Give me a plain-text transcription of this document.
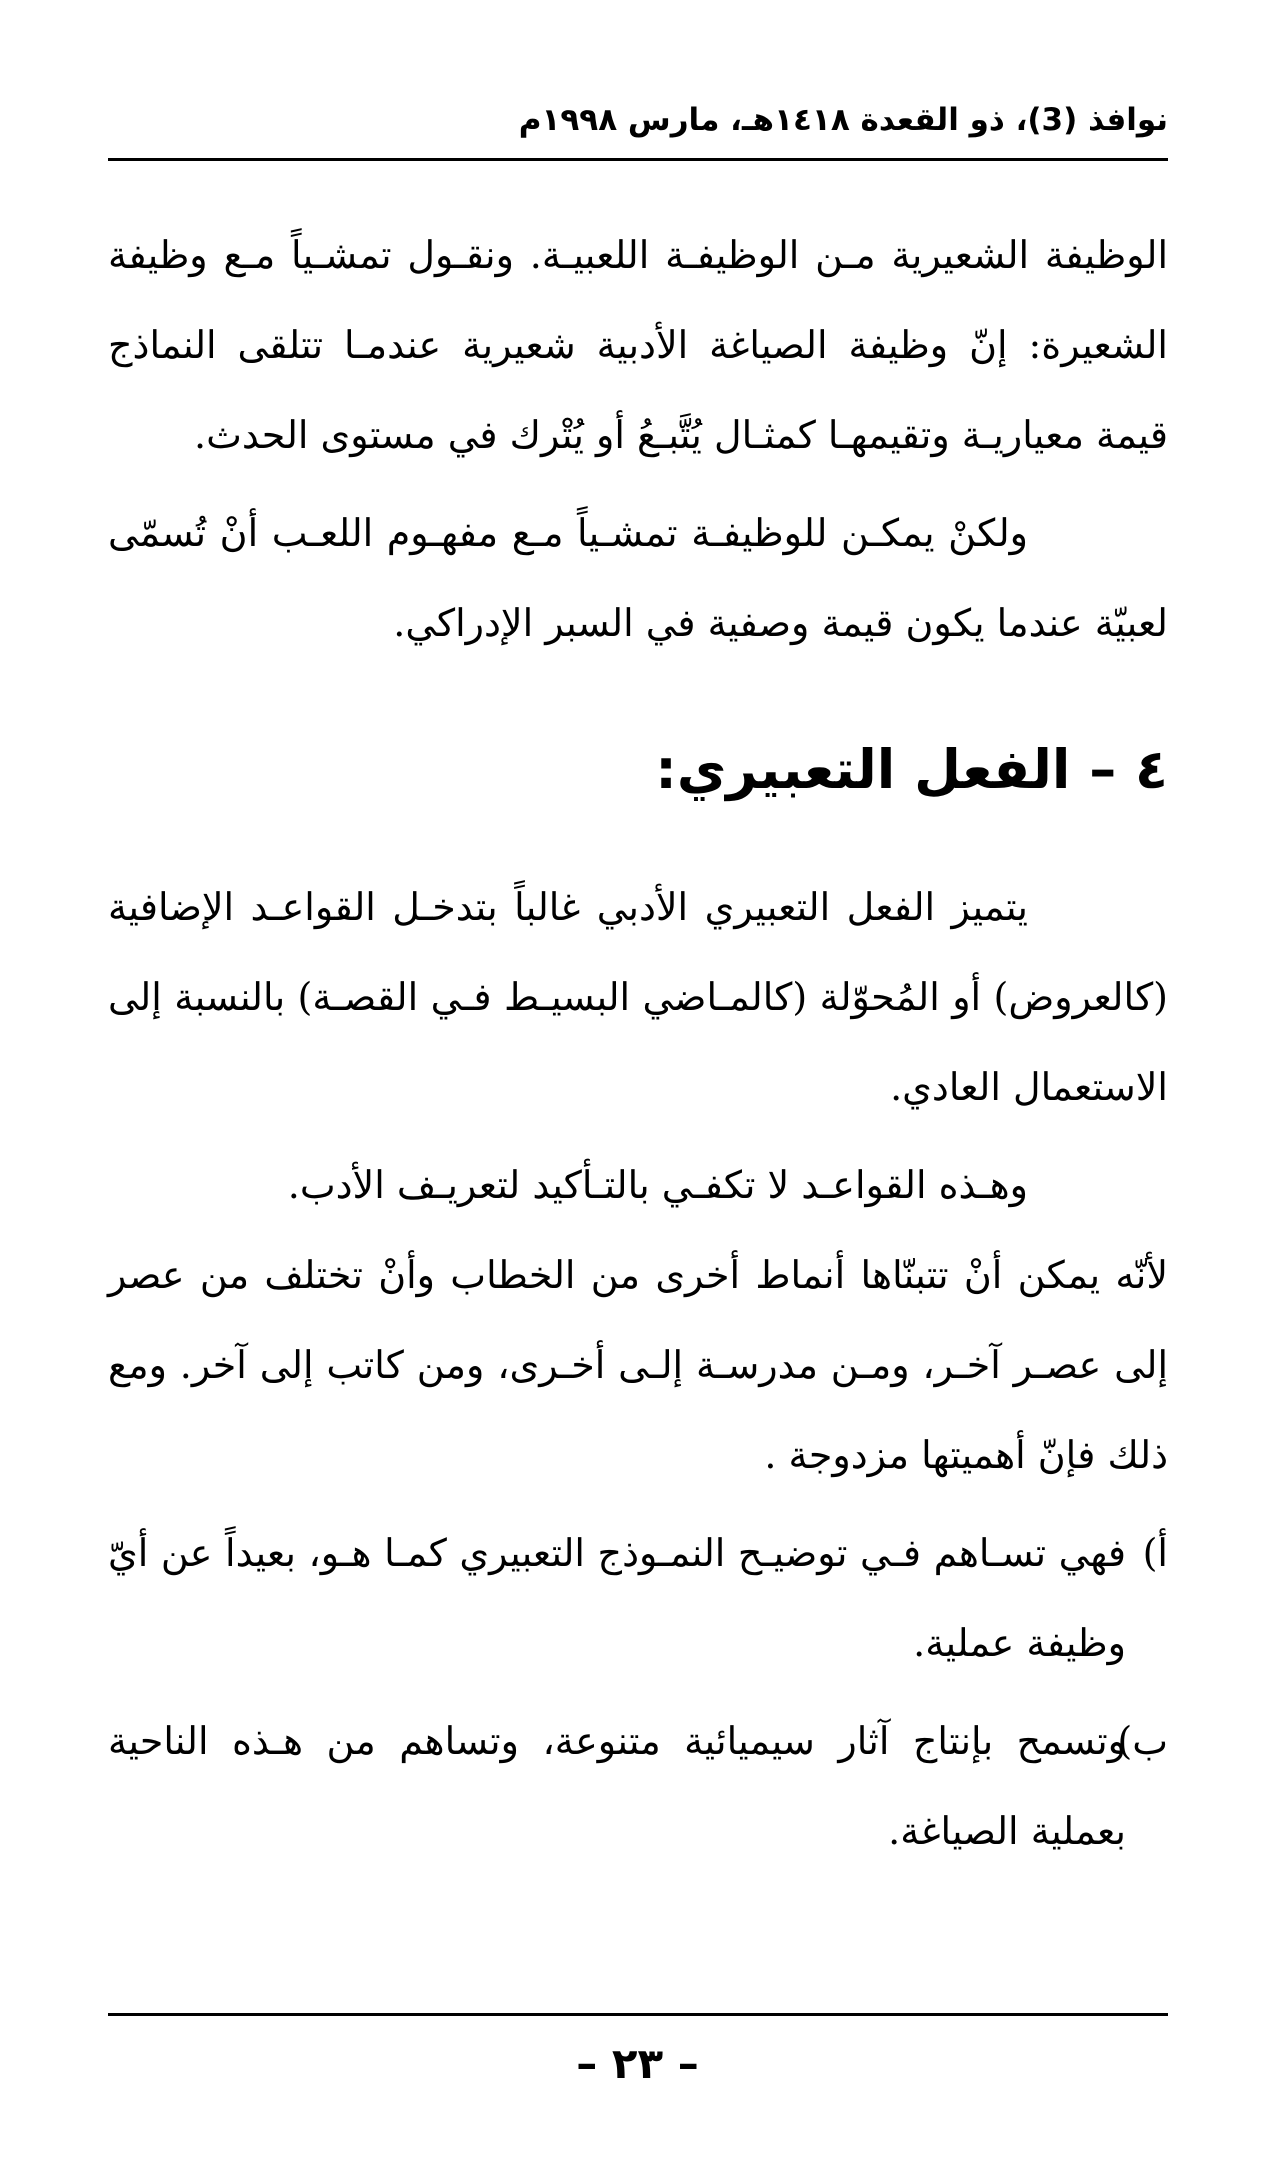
نوافذ (3)، ذو القعدة ١٤١٨هـ، مارس ١٩٩٨م

الوظيفة الشعيرية مـن الوظيفـة اللعبيـة. ونقـول تمشـياً مـع وظيفة الشعيرة: إنّ وظيفة الصياغة الأدبية شعيرية عندمـا تتلقى النماذج قيمة معياريـة وتقيمهـا كمثـال يُتَّبـعُ أو يُتْرك في مستوى الحدث.

ولكنْ يمكـن للوظيفـة تمشـياً مـع مفهـوم اللعـب أنْ تُسمّى لعبيّة عندما يكون قيمة وصفية في السبر الإدراكي.

٤ – الفعل التعبيري:

يتميز الفعل التعبيري الأدبي غالباً بتدخـل القواعـد الإضافية (كالعروض) أو المُحوّلة (كالمـاضي البسيـط فـي القصـة) بالنسبة إلى الاستعمال العادي.

وهـذه القواعـد لا تكفـي بالتـأكيد لتعريـف الأدب.

لأنّه يمكن أنْ تتبنّاها أنماط أخرى من الخطاب وأنْ تختلف من عصر إلى عصـر آخـر، ومـن مدرسـة إلـى أخـرى، ومن كاتب إلى آخر. ومع ذلك فإنّ أهميتها مزدوجة .

أ)

فهي تسـاهم فـي توضيـح النمـوذج التعبيري كمـا هـو، بعيداً عن أيّ وظيفة عملية.

ب)

وتسمح بإنتاج آثار سيميائية متنوعة، وتساهم من هـذه الناحية بعملية الصياغة.

– ٢٣ –
